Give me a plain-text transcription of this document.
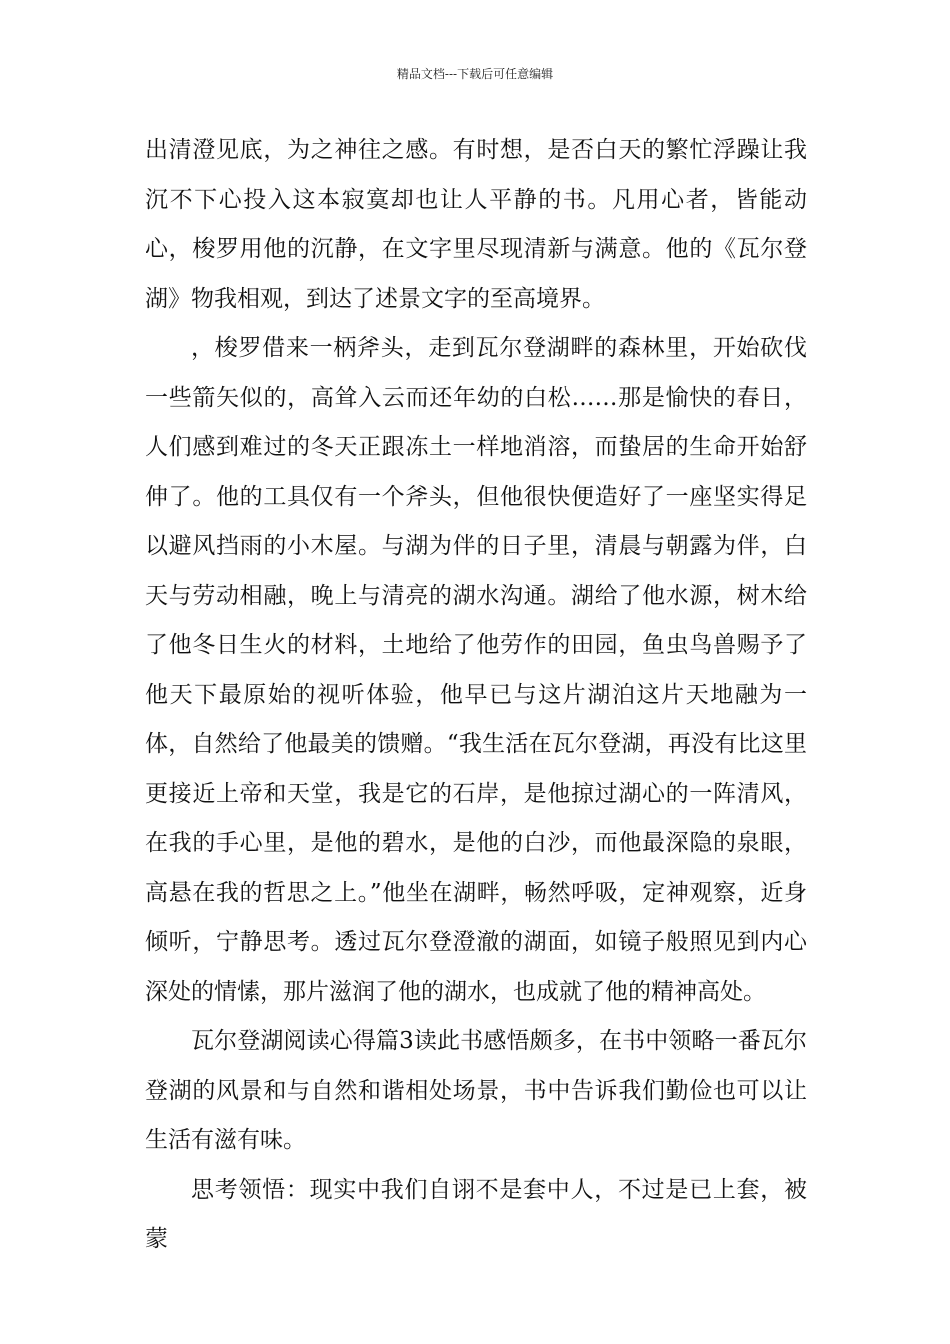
精品文档---下载后可任意编辑

出清澄见底，为之神往之感。有时想，是否白天的繁忙浮躁让我沉不下心投入这本寂寞却也让人平静的书。凡用心者，皆能动心，梭罗用他的沉静，在文字里尽现清新与满意。他的《瓦尔登湖》物我相观，到达了述景文字的至高境界。

，梭罗借来一柄斧头，走到瓦尔登湖畔的森林里，开始砍伐一些箭矢似的，高耸入云而还年幼的白松……那是愉快的春日，人们感到难过的冬天正跟冻土一样地消溶，而蛰居的生命开始舒伸了。他的工具仅有一个斧头，但他很快便造好了一座坚实得足以避风挡雨的小木屋。与湖为伴的日子里，清晨与朝露为伴，白天与劳动相融，晚上与清亮的湖水沟通。湖给了他水源，树木给了他冬日生火的材料，土地给了他劳作的田园，鱼虫鸟兽赐予了他天下最原始的视听体验，他早已与这片湖泊这片天地融为一体，自然给了他最美的馈赠。“我生活在瓦尔登湖，再没有比这里更接近上帝和天堂，我是它的石岸，是他掠过湖心的一阵清风，在我的手心里，是他的碧水，是他的白沙，而他最深隐的泉眼，高悬在我的哲思之上。”他坐在湖畔，畅然呼吸，定神观察，近身倾听，宁静思考。透过瓦尔登澄澈的湖面，如镜子般照见到内心深处的情愫，那片滋润了他的湖水，也成就了他的精神高处。

瓦尔登湖阅读心得篇3读此书感悟颇多，在书中领略一番瓦尔登湖的风景和与自然和谐相处场景，书中告诉我们勤俭也可以让生活有滋有味。

思考领悟：现实中我们自诩不是套中人，不过是已上套，被蒙
